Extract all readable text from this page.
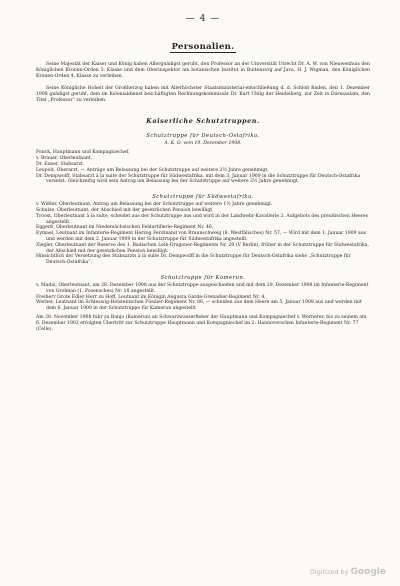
— 4 —
Personalien.

Seine Majestät der Kaiser und König haben Allergnädigst geruht, den Professor an der Universität Utrecht Dr. A. W. von Nieuwenhuis den Königlichen Kronen-Orden 3. Klasse und dem Oberinspektor am botanischen Institut in Buitenzorg auf Java, H. J. Wigman, den Königlichen Kronen-Orden 4. Klasse zu verleihen.

Seine Königliche Hoheit der Großherzog haben mit Allerhöchster Staatsministerial-entschließung d. d. Schloß Baden, den 1. Dezember 1908 gnädigst geruht, dem im Kolonialdienst beschäftigten Rechnungskommissär Dr. Kurt Uhlig der Heidelberg, zur Zeit in Daressalam, den Titel „Professor“ zu verleihen.

Kaiserliche Schutztruppen.
Schutztruppe für Deutsch-Ostafrika.
A. K. O. vom 19. Dezember 1908.
Fonck, Hauptmann und Kompagniechef,
v. Brauer, Oberleutnant,
Dr. Exner, Stabsarzt.
Leupolt, Oberarzt, — Anträge um Belassung bei der Schutztruppe auf weitere 2½ Jahre genehmigt.
Dr. Dempwolff, Stabsarzt à la suite der Schutztruppe für Südwestafrika, mit dem 3. Januar 1909 in die Schutztruppe für Deutsch-Ostafrika versetzt. Gleichzeitig wird sein Antrag um Belassung bei der Schutztruppe auf weitere 2½ Jahre genehmigt.
Schutztruppe für Südwestafrika.
v. Wißler, Oberleutnant, Antrag um Belassung bei der Schutztruppe auf weitere 1½ Jahre genehmigt.
Schulze, Oberleutnant, der Abschied mit der gesetzlichen Pension bewilligt.
Troost, Oberleutnant à la suite, scheidet aus der Schutztruppe aus und wird in der Landwehr-Kavallerie 2. Aufgebots des preußischen Heeres angestellt.
Eggerß, Oberleutnant im Niedersächsischen Feldartillerie-Regiment Nr. 46,
Eymael, Leutnant im Infanterie-Regiment Herzog Ferdinand von Braunschweig (8. Westfälisches) Nr. 57, — Wird mit dem 1. Januar 1909 aus und werden mit dem 2. Januar 1909 in der Schutztruppe für Südwestafrika angestellt.
Ziegler, Oberleutnant der Reserve des 1. Badischen Leib-Dragoner-Regiments Nr. 20 (V Berlin), früher in der Schutztruppe für Südwestafrika, der Abschied mit der gesetzlichen Pension bewilligt.
Hinsichtlich der Versetzung des Stabsarzts à la suite Dr. Dempwolff in die Schutztruppe für Deutsch-Ostafrika siehe „Schutztruppe für Deutsch-Ostafrika“.
Schutztruppe für Kamerun.
v. Madai, Oberleutnant, am 28. Dezember 1908 aus der Schutztruppe ausgeschieden und mit dem 29. Dezember 1908 im Infanterie-Regiment von Grolman (1. Posensches) Nr. 18 angestellt.
Freiherr Grote Edler Herr zu Hoff, Leutnant im Königin Augusta Garde-Grenadier-Regiment Nr. 4,
Werner, Leutnant im Schleswig-Holsteinschen Füsilier-Regiment Nr. 86, — scheiden aus dem Heere am 5. Januar 1909 aus und werden mit dem 6. Januar 1909 in der Schutztruppe für Kamerun angestellt.
Am 28. November 1908 fuhr zu Banjo (Kamerun) an Schwarzwasserfieber der Hauptmann und Kompagniechef v. Wernerer, bis zu seinem am 6. Dezember 1902 erfolgten Übertritt zur Schutztruppe Hauptmann und Kompagniechef im 2. Hannoverschen Infanterie-Regiment Nr. 77 (Celle).
Digitized by Google
